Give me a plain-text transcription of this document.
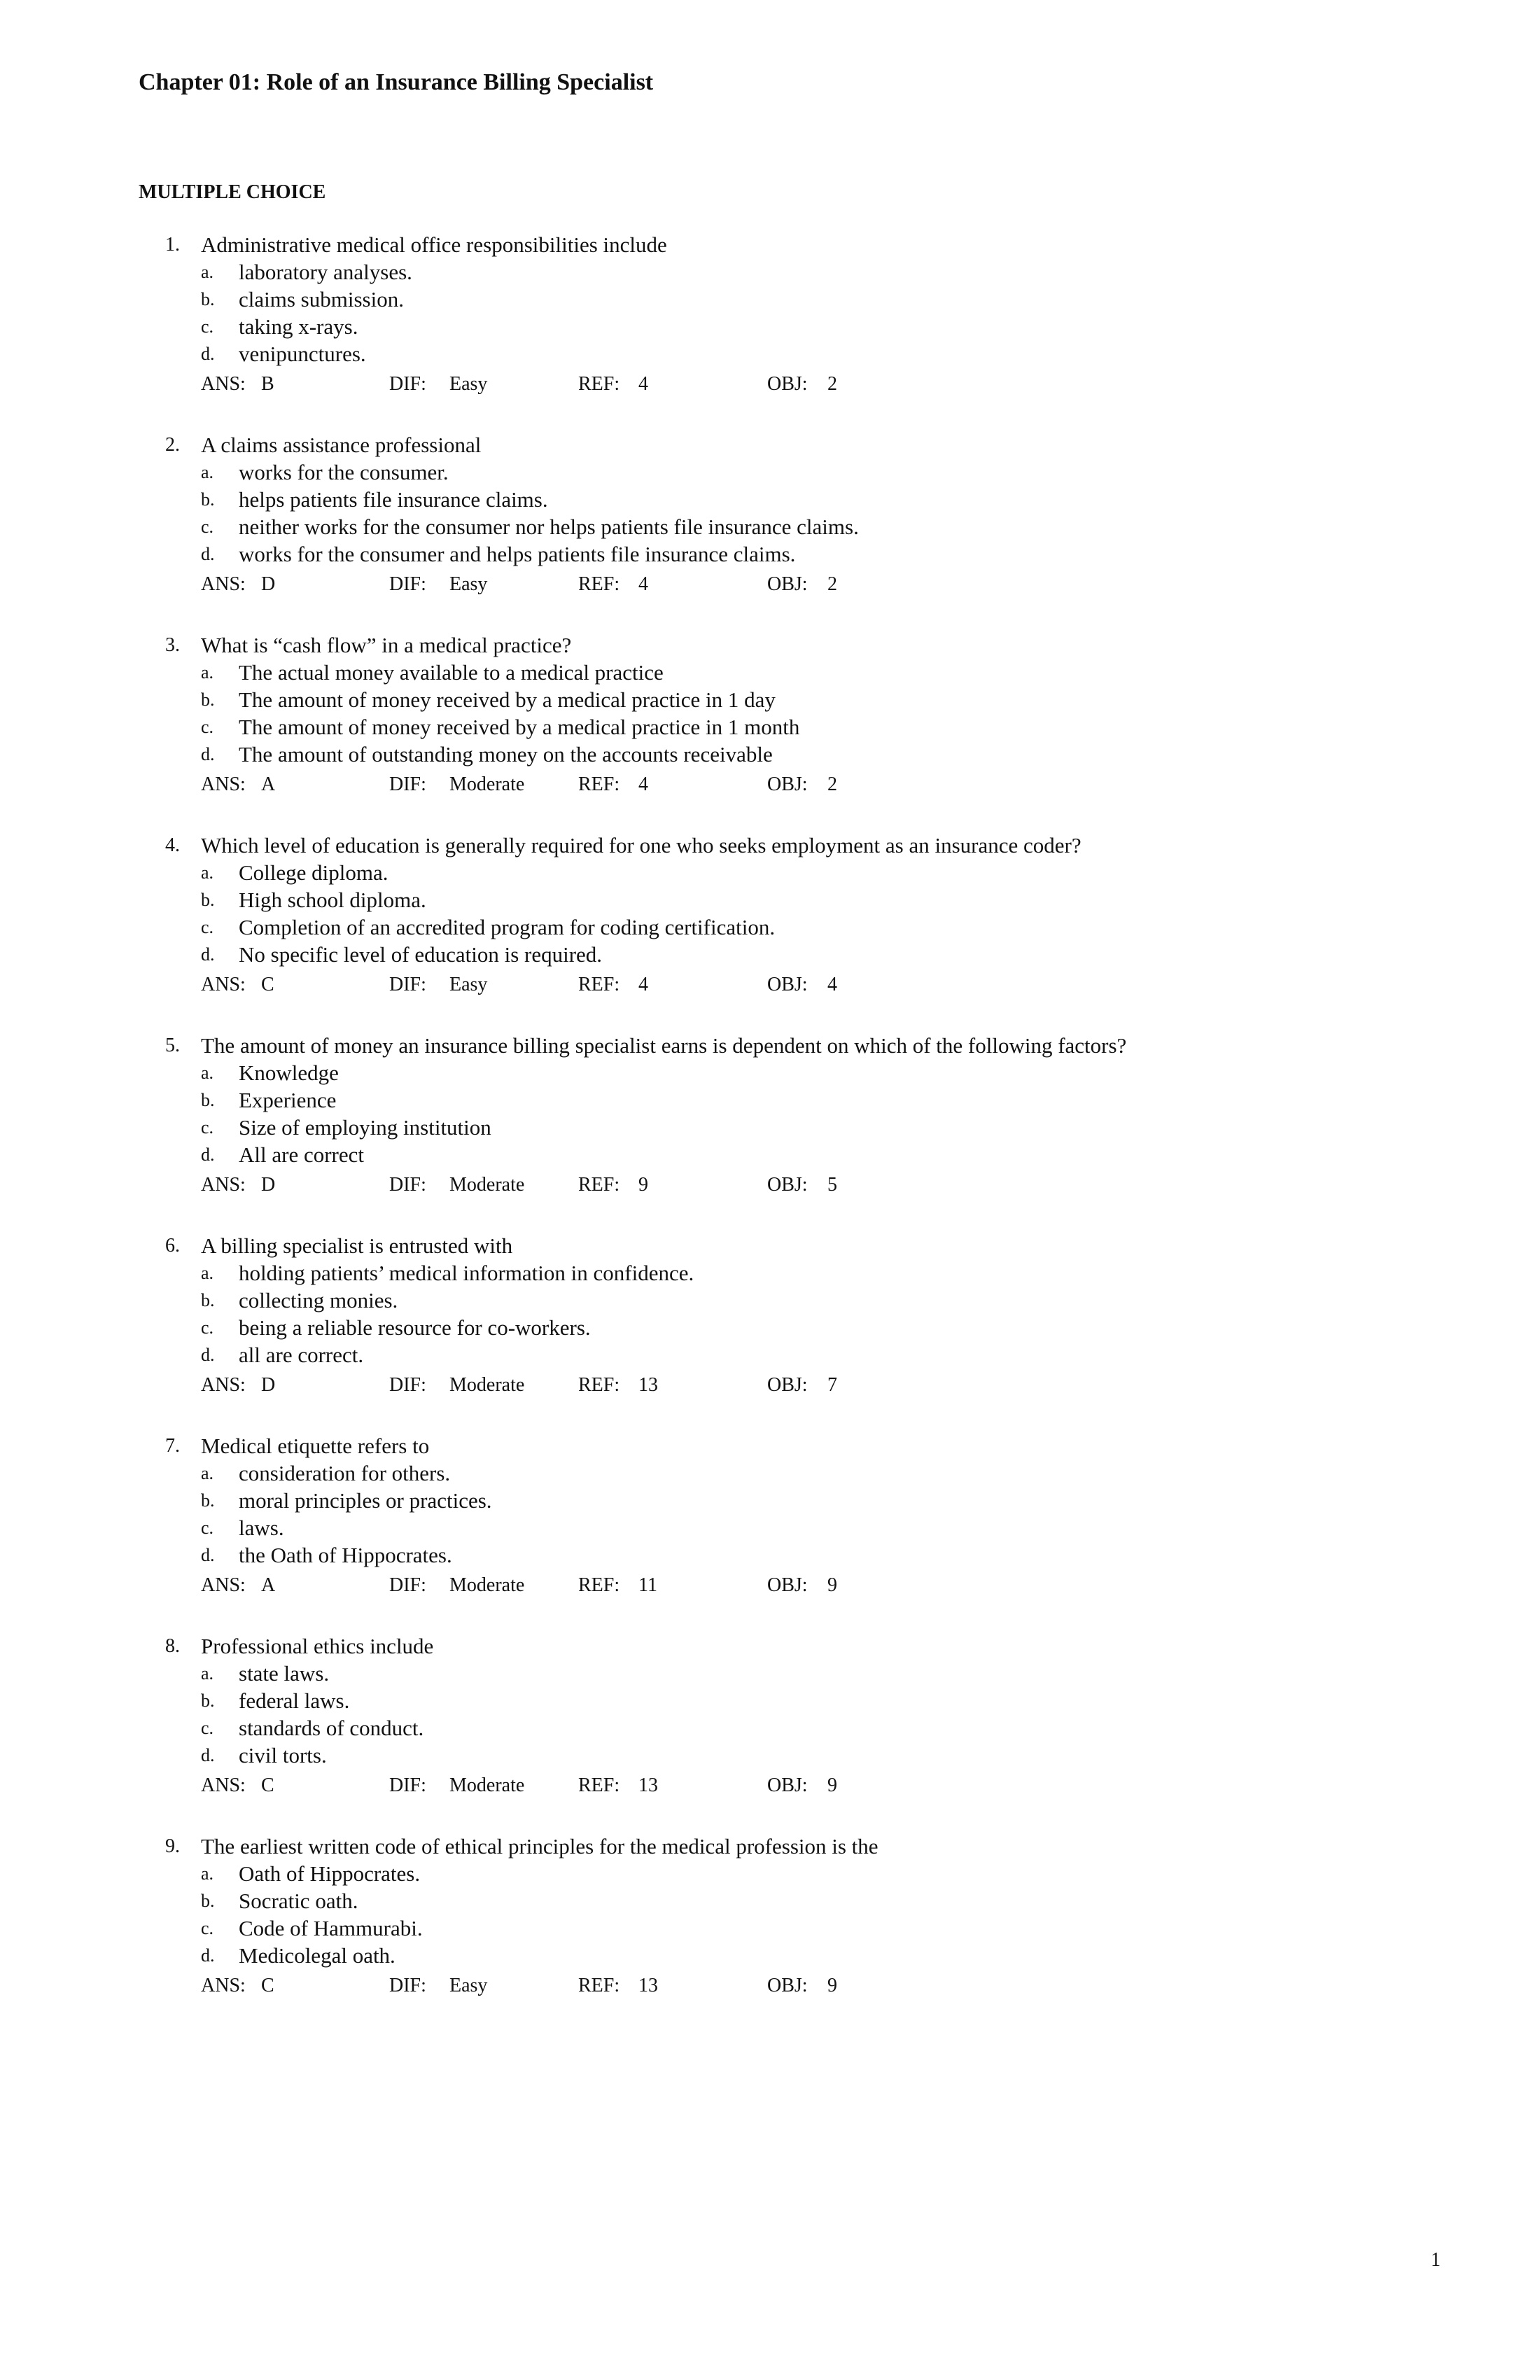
Chapter 01: Role of an Insurance Billing Specialist
MULTIPLE CHOICE
1. Administrative medical office responsibilities include
a. laboratory analyses.
b. claims submission.
c. taking x-rays.
d. venipunctures.
ANS: B	DIF: Easy	REF: 4	OBJ: 2
2. A claims assistance professional
a. works for the consumer.
b. helps patients file insurance claims.
c. neither works for the consumer nor helps patients file insurance claims.
d. works for the consumer and helps patients file insurance claims.
ANS: D	DIF: Easy	REF: 4	OBJ: 2
3. What is “cash flow” in a medical practice?
a. The actual money available to a medical practice
b. The amount of money received by a medical practice in 1 day
c. The amount of money received by a medical practice in 1 month
d. The amount of outstanding money on the accounts receivable
ANS: A	DIF: Moderate	REF: 4	OBJ: 2
4. Which level of education is generally required for one who seeks employment as an insurance coder?
a. College diploma.
b. High school diploma.
c. Completion of an accredited program for coding certification.
d. No specific level of education is required.
ANS: C	DIF: Easy	REF: 4	OBJ: 4
5. The amount of money an insurance billing specialist earns is dependent on which of the following factors?
a. Knowledge
b. Experience
c. Size of employing institution
d. All are correct
ANS: D	DIF: Moderate	REF: 9	OBJ: 5
6. A billing specialist is entrusted with
a. holding patients’ medical information in confidence.
b. collecting monies.
c. being a reliable resource for co-workers.
d. all are correct.
ANS: D	DIF: Moderate	REF: 13	OBJ: 7
7. Medical etiquette refers to
a. consideration for others.
b. moral principles or practices.
c. laws.
d. the Oath of Hippocrates.
ANS: A	DIF: Moderate	REF: 11	OBJ: 9
8. Professional ethics include
a. state laws.
b. federal laws.
c. standards of conduct.
d. civil torts.
ANS: C	DIF: Moderate	REF: 13	OBJ: 9
9. The earliest written code of ethical principles for the medical profession is the
a. Oath of Hippocrates.
b. Socratic oath.
c. Code of Hammurabi.
d. Medicolegal oath.
ANS: C	DIF: Easy	REF: 13	OBJ: 9
1
